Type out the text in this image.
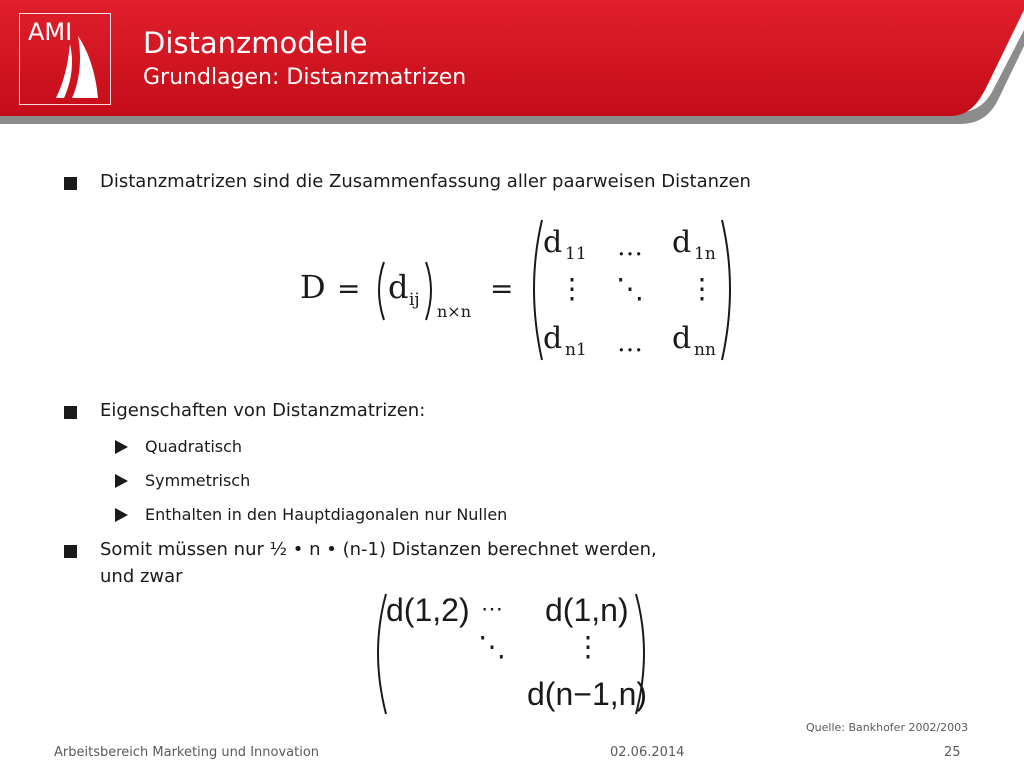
AMI Distanzmodelle
Grundlagen: Distanzmatrizen
Distanzmatrizen sind die Zusammenfassung aller paarweisen Distanzen
D = d ij
n×n
=
d 11 … d 1n
⋮ ⋱ ⋮
d n1 … d nn
Eigenschaften von Distanzmatrizen:
Quadratisch
Symmetrisch
Enthalten in den Hauptdiagonalen nur Nullen
Somit müssen nur ½ • n • (n-1) Distanzen berechnet werden,
und zwar
d(1,2) ⋯ d(1,n)
⋱ ⋮
d(n−1,n)
Quelle: Bankhofer 2002/2003
Arbeitsbereich Marketing und Innovation	02.06.2014	25
